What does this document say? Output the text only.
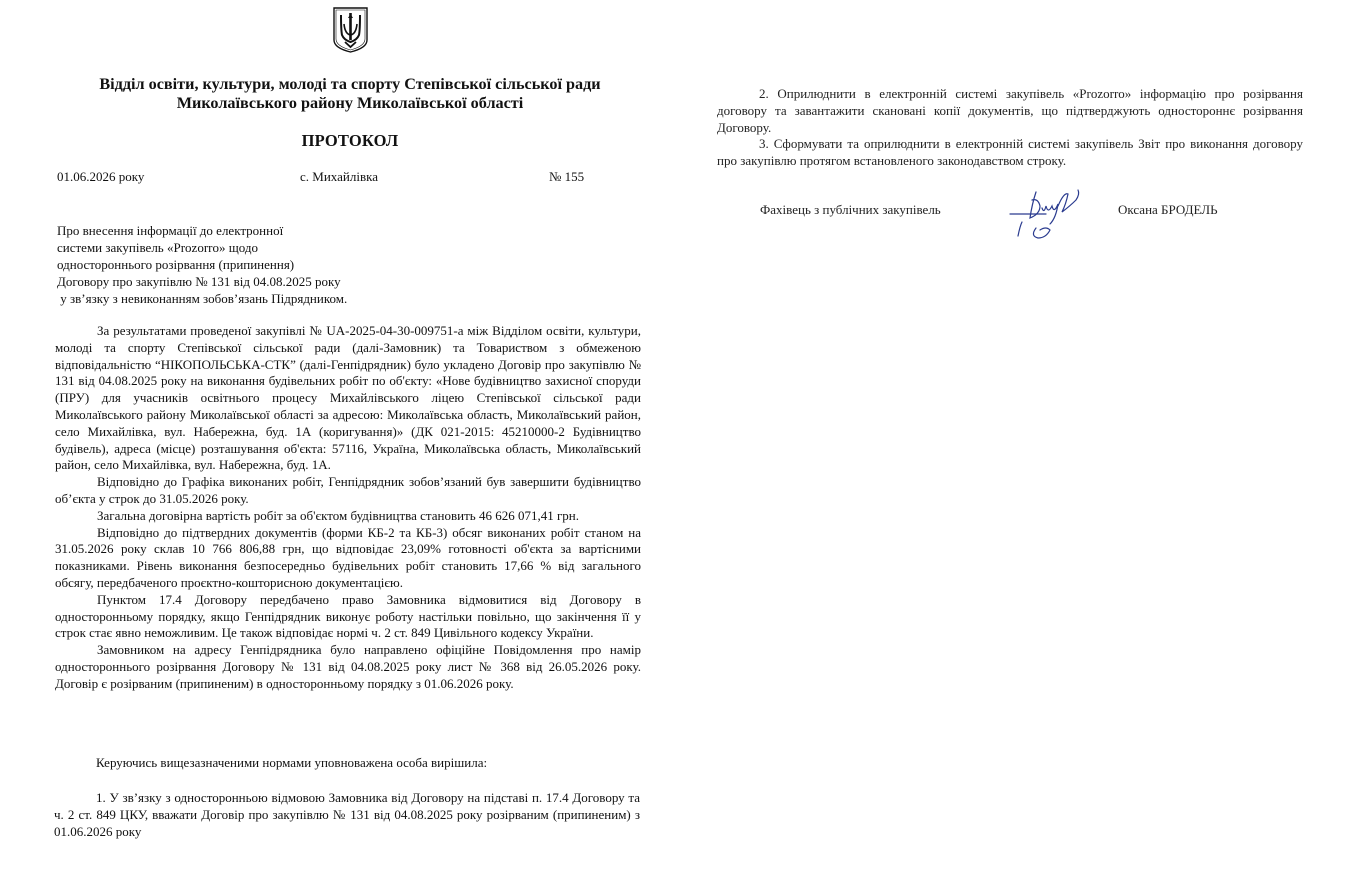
Відділ освіти, культури, молоді та спорту Степівської сільської ради
Миколаївського району Миколаївської області
ПРОТОКОЛ
01.06.2026 року	с. Михайлівка	№ 155
Про внесення інформації до електронної
системи закупівель «Prozorro» щодо
одностороннього розірвання (припинення)
Договору про закупівлю № 131 від 04.08.2025 року
у зв’язку з невиконанням зобов’язань Підрядником.

За результатами проведеної закупівлі № UA-2025-04-30-009751-a між Відділом освіти, культури, молоді та спорту Степівської сільської ради (далі-Замовник) та Товариством з обмеженою відповідальністю “НІКОПОЛЬСЬКА-СТК” (далі-Генпідрядник) було укладено Договір про закупівлю № 131 від 04.08.2025 року на виконання будівельних робіт по об'єкту: «Нове будівництво захисної споруди (ПРУ) для учасників освітнього процесу Михайлівського ліцею Степівської сільської ради Миколаївського району Миколаївської області за адресою: Миколаївська область, Миколаївський район, село Михайлівка, вул. Набережна, буд. 1А (коригування)» (ДК 021-2015: 45210000-2 Будівництво будівель), адреса (місце) розташування об'єкта: 57116, Україна, Миколаївська область, Миколаївський район, село Михайлівка, вул. Набережна, буд. 1А.

Відповідно до Графіка виконаних робіт, Генпідрядник зобов’язаний був завершити будівництво об’єкта у строк до 31.05.2026 року.

Загальна договірна вартість робіт за об'єктом будівництва становить 46 626 071,41 грн.

Відповідно до підтвердних документів (форми КБ-2 та КБ-3) обсяг виконаних робіт станом на 31.05.2026 року склав 10 766 806,88 грн, що відповідає 23,09% готовності об'єкта за вартісними показниками. Рівень виконання безпосередньо будівельних робіт становить 17,66 % від загального обсягу, передбаченого проєктно-кошторисною документацією.

Пунктом 17.4 Договору передбачено право Замовника відмовитися від Договору в односторонньому порядку, якщо Генпідрядник виконує роботу настільки повільно, що закінчення її у строк стає явно неможливим. Це також відповідає нормі ч. 2 ст. 849 Цивільного кодексу України.

Замовником на адресу Генпідрядника було направлено офіційне Повідомлення про намір одностороннього розірвання Договору № 131 від 04.08.2025 року лист № 368 від 26.05.2026 року. Договір є розірваним (припиненим) в односторонньому порядку з 01.06.2026 року.

Керуючись вищезазначеними нормами уповноважена особа вирішила:

1. У зв’язку з односторонньою відмовою Замовника від Договору на підставі п. 17.4 Договору та ч. 2 ст. 849 ЦКУ, вважати Договір про закупівлю № 131 від 04.08.2025 року розірваним (припиненим) з 01.06.2026 року

2. Оприлюднити в електронній системі закупівель «Prozorro» інформацію про розірвання договору та завантажити скановані копії документів, що підтверджують одностороннє розірвання Договору.

3. Сформувати та оприлюднити в електронній системі закупівель Звіт про виконання договору про закупівлю протягом встановленого законодавством строку.

Фахівець з публічних закупівель	Оксана БРОДЕЛЬ
